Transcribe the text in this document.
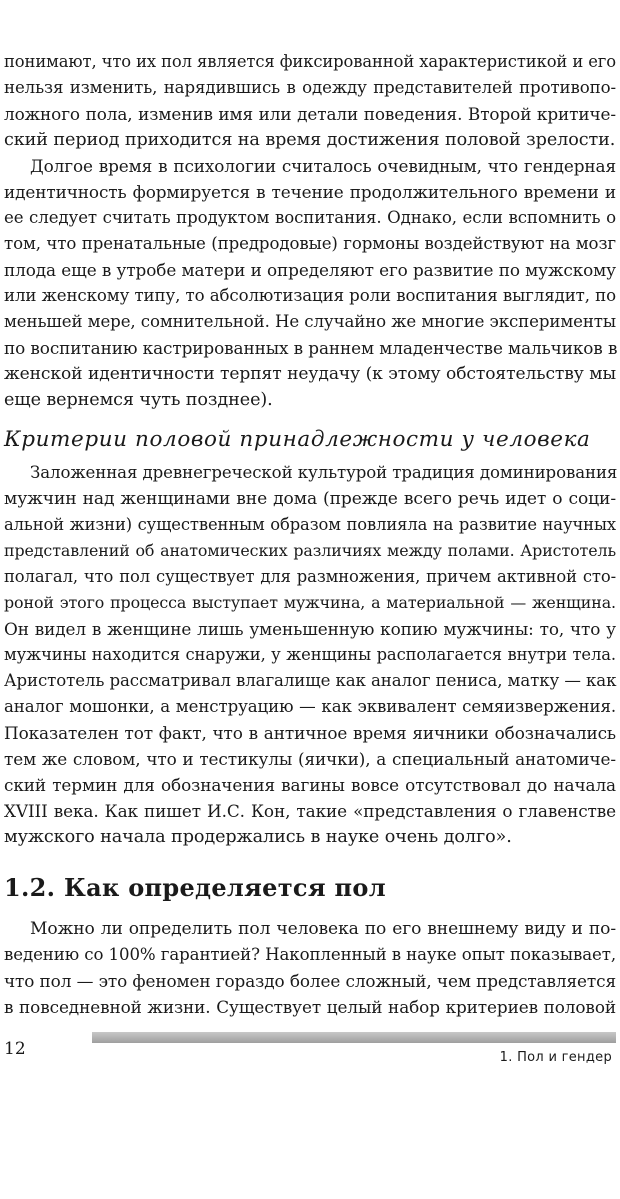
понимают, что их пол является фиксированной характеристикой и его
нельзя изменить, нарядившись в одежду представителей противопо-
ложного пола, изменив имя или детали поведения. Второй критиче-
ский период приходится на время достижения половой зрелости.
Долгое время в психологии считалось очевидным, что гендерная
идентичность формируется в течение продолжительного времени и
ее следует считать продуктом воспитания. Однако, если вспомнить о
том, что пренатальные (предродовые) гормоны воздействуют на мозг
плода еще в утробе матери и определяют его развитие по мужскому
или женскому типу, то абсолютизация роли воспитания выглядит, по
меньшей мере, сомнительной. Не случайно же многие эксперименты
по воспитанию кастрированных в раннем младенчестве мальчиков в
женской идентичности терпят неудачу (к этому обстоятельству мы
еще вернемся чуть позднее).
Критерии половой принадлежности у человека
Заложенная древнегреческой культурой традиция доминирования
мужчин над женщинами вне дома (прежде всего речь идет о соци-
альной жизни) существенным образом повлияла на развитие научных
представлений об анатомических различиях между полами. Аристотель
полагал, что пол существует для размножения, причем активной сто-
роной этого процесса выступает мужчина, а материальной — женщина.
Он видел в женщине лишь уменьшенную копию мужчины: то, что у
мужчины находится снаружи, у женщины располагается внутри тела.
Аристотель рассматривал влагалище как аналог пениса, матку — как
аналог мошонки, а менструацию — как эквивалент семяизвержения.
Показателен тот факт, что в античное время яичники обозначались
тем же словом, что и тестикулы (яички), а специальный анатомиче-
ский термин для обозначения вагины вовсе отсутствовал до начала
XVIII века. Как пишет И.С. Кон, такие «представления о главенстве
мужского начала продержались в науке очень долго».
1.2. Как определяется пол
Можно ли определить пол человека по его внешнему виду и по-
ведению со 100% гарантией? Накопленный в науке опыт показывает,
что пол — это феномен гораздо более сложный, чем представляется
в повседневной жизни. Существует целый набор критериев половой
12	1. Пол и гендер
